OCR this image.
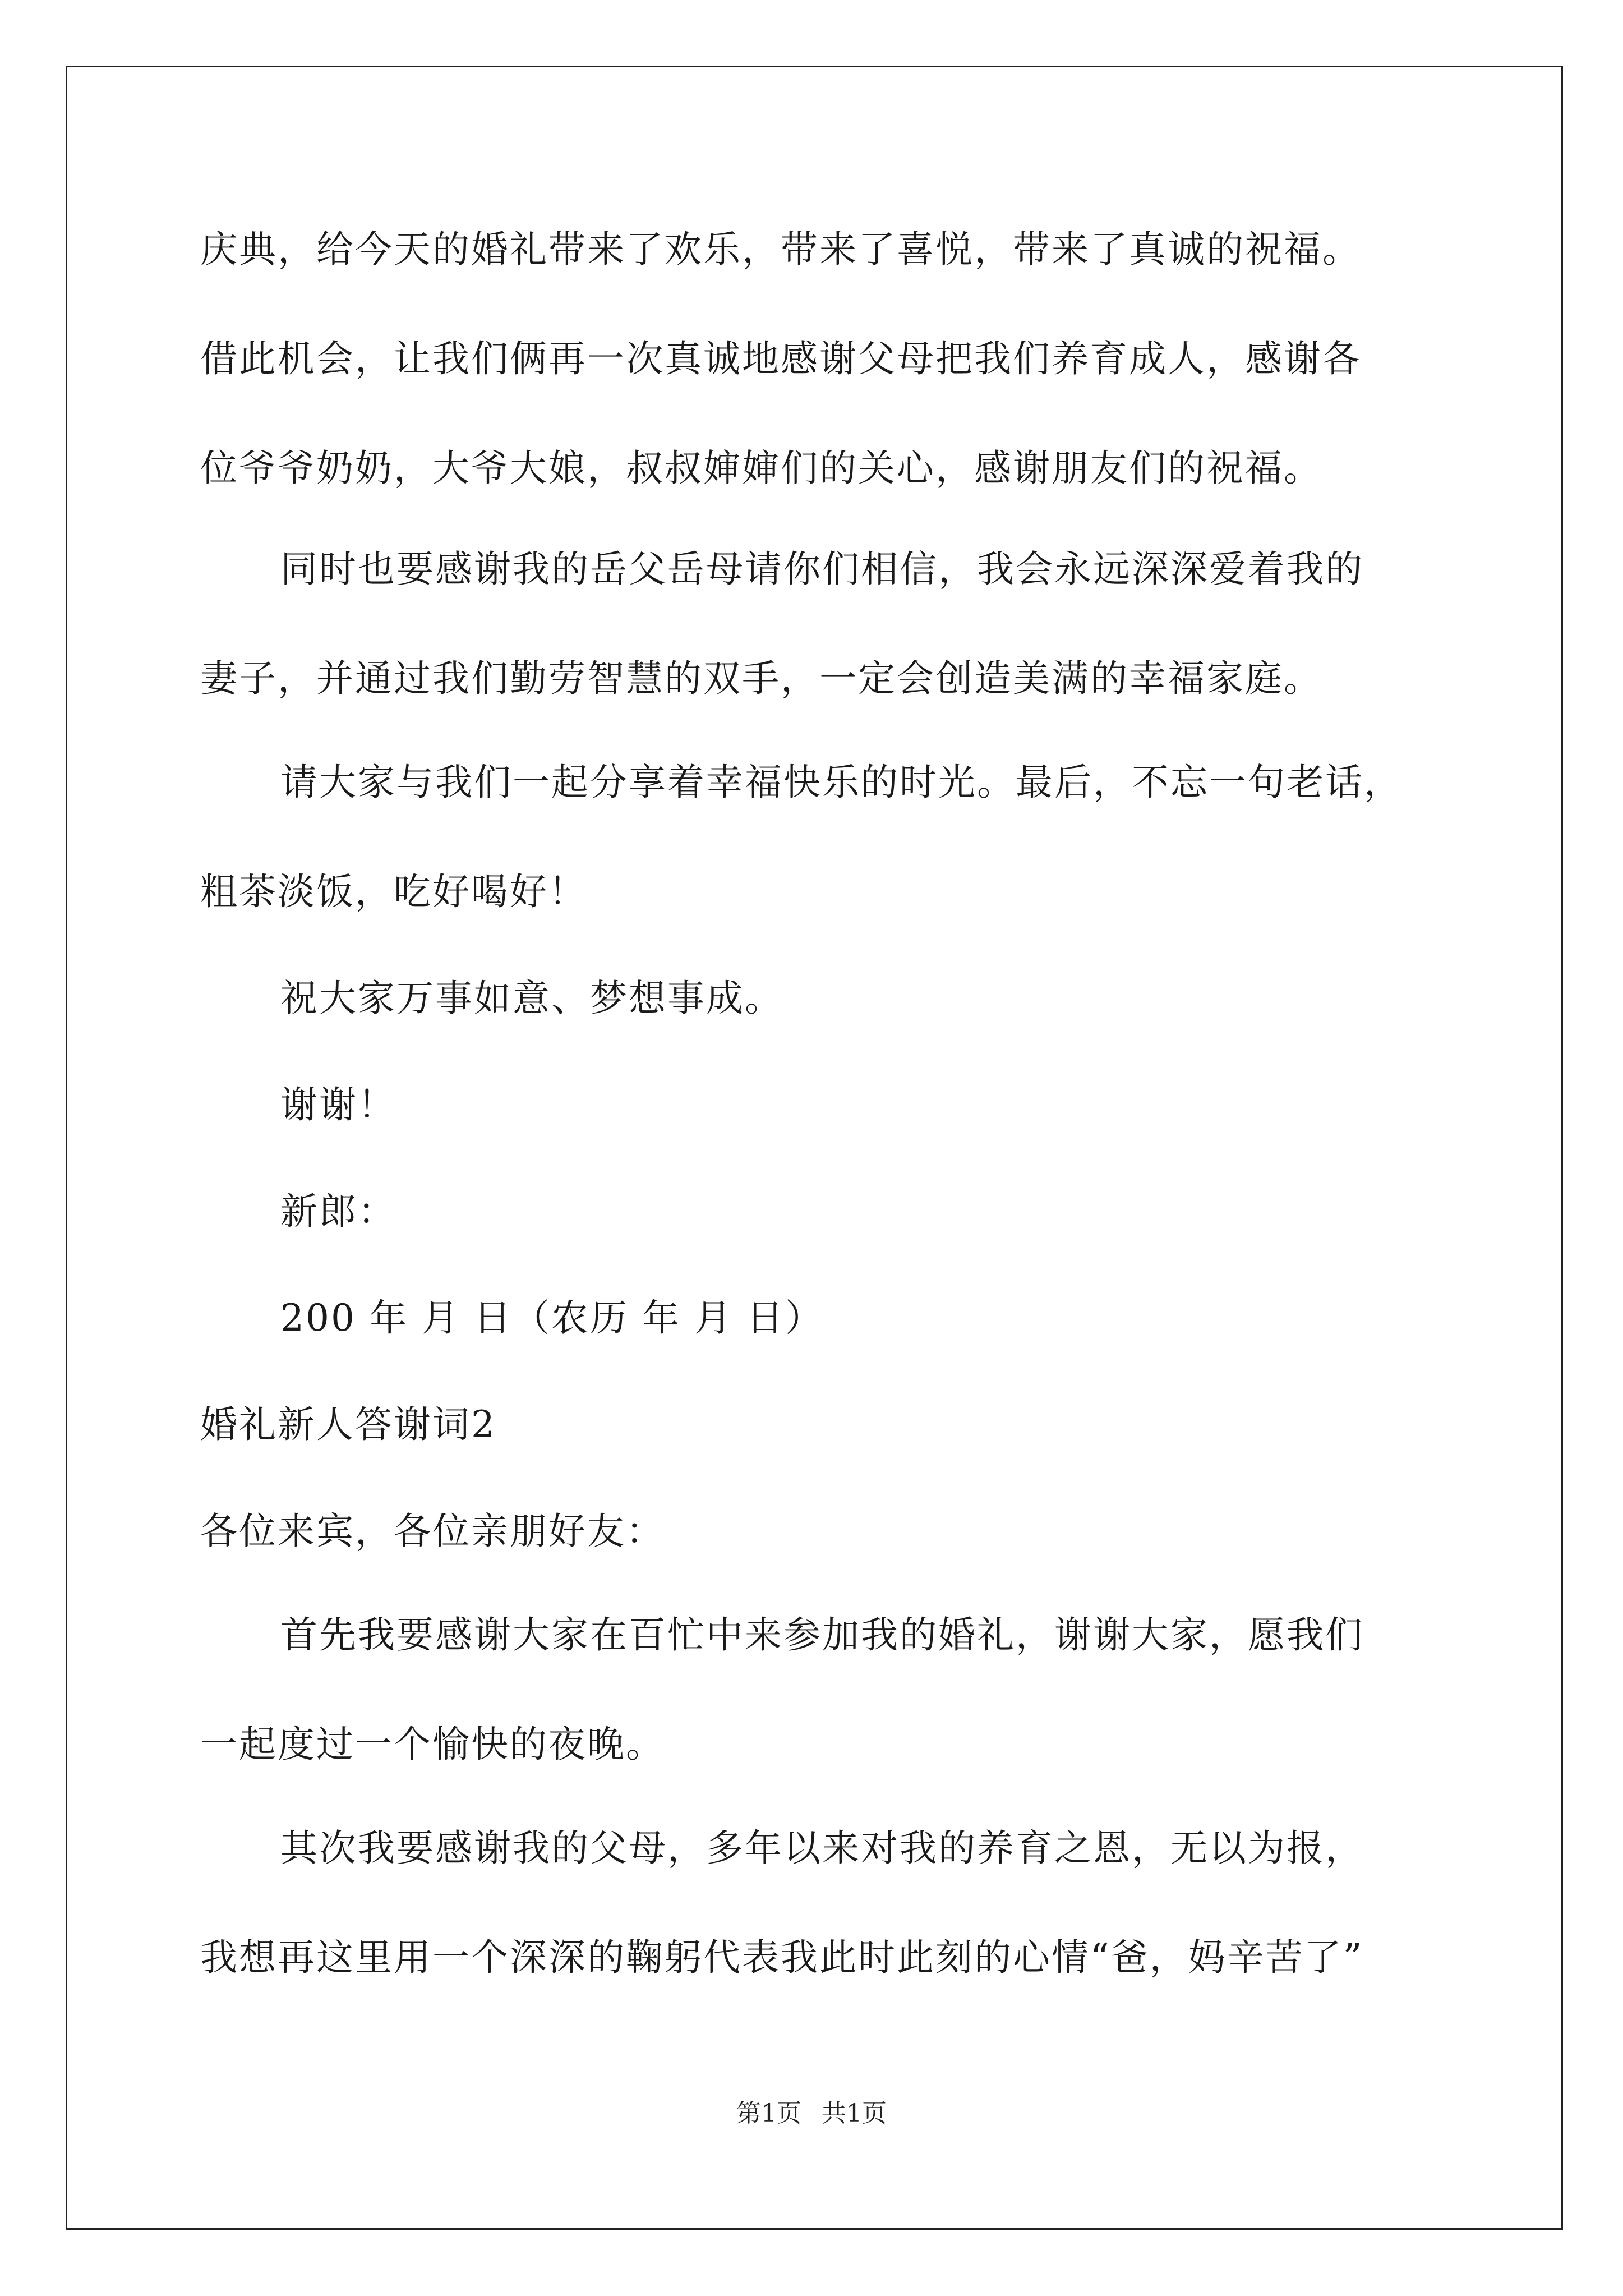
庆典，给今天的婚礼带来了欢乐，带来了喜悦，带来了真诚的祝福。
借此机会，让我们俩再一次真诚地感谢父母把我们养育成人，感谢各
位爷爷奶奶，大爷大娘，叔叔婶婶们的关心，感谢朋友们的祝福。
同时也要感谢我的岳父岳母请你们相信，我会永远深深爱着我的
妻子，并通过我们勤劳智慧的双手，一定会创造美满的幸福家庭。
请大家与我们一起分享着幸福快乐的时光。最后，不忘一句老话，
粗茶淡饭，吃好喝好！
祝大家万事如意、梦想事成。
谢谢！
新郎：
200 年 月 日（农历 年 月 日）
婚礼新人答谢词2
各位来宾，各位亲朋好友：
首先我要感谢大家在百忙中来参加我的婚礼，谢谢大家，愿我们
一起度过一个愉快的夜晚。
其次我要感谢我的父母，多年以来对我的养育之恩，无以为报，
我想再这里用一个深深的鞠躬代表我此时此刻的心情“爸，妈辛苦了”
第1页 共1页
